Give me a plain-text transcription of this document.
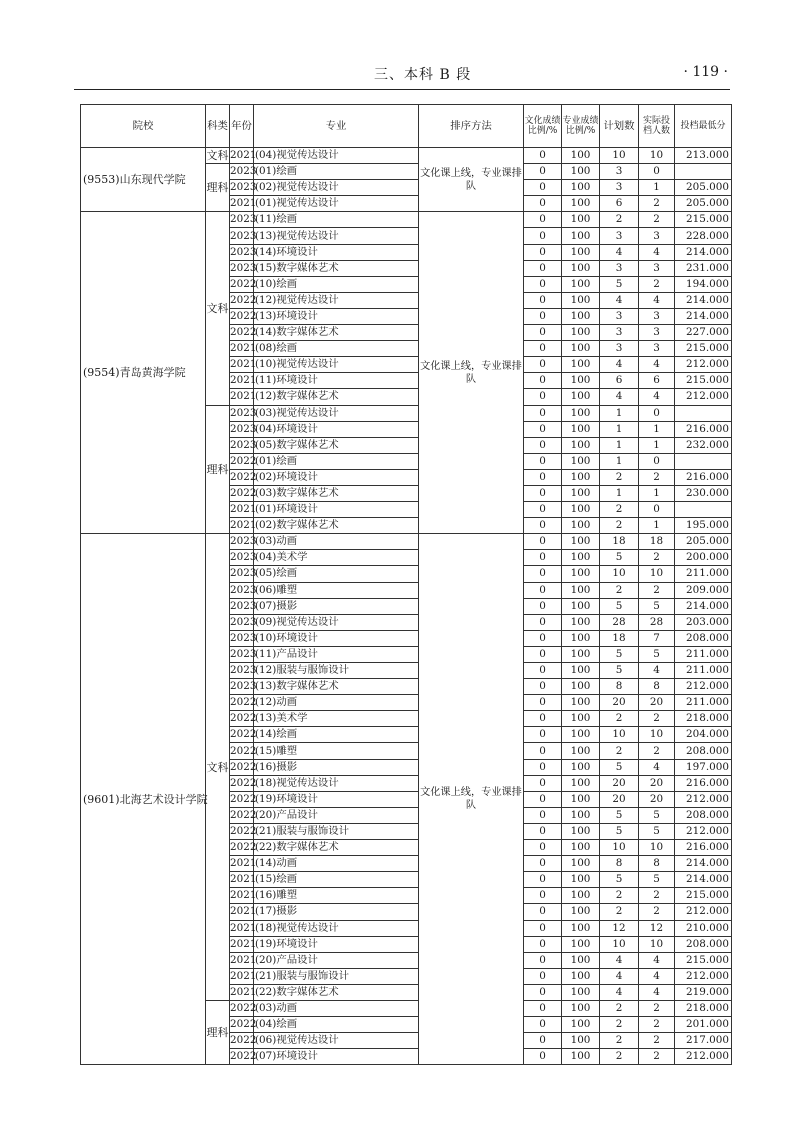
三、本科 B 段	· 119 ·
院校	科类	年份	专业	排序方法	文化成绩比例/%	专业成绩比例/%	计划数	实际投档人数	投档最低分
(9553)山东现代学院	文科	2021	(04)视觉传达设计	文化课上线，专业课排队	0	100	10	10	213.000
	理科	2023	(01)绘画		0	100	3	0	
		2023	(02)视觉传达设计		0	100	3	1	205.000
		2021	(01)视觉传达设计		0	100	6	2	205.000
(9554)青岛黄海学院	文科	2023	(11)绘画	文化课上线，专业课排队	0	100	2	2	215.000
		2023	(13)视觉传达设计		0	100	3	3	228.000
		2023	(14)环境设计		0	100	4	4	214.000
		2023	(15)数字媒体艺术		0	100	3	3	231.000
		2022	(10)绘画		0	100	5	2	194.000
		2022	(12)视觉传达设计		0	100	4	4	214.000
		2022	(13)环境设计		0	100	3	3	214.000
		2022	(14)数字媒体艺术		0	100	3	3	227.000
		2021	(08)绘画		0	100	3	3	215.000
		2021	(10)视觉传达设计		0	100	4	4	212.000
		2021	(11)环境设计		0	100	6	6	215.000
		2021	(12)数字媒体艺术		0	100	4	4	212.000
	理科	2023	(03)视觉传达设计		0	100	1	0	
		2023	(04)环境设计		0	100	1	1	216.000
		2023	(05)数字媒体艺术		0	100	1	1	232.000
		2022	(01)绘画		0	100	1	0	
		2022	(02)环境设计		0	100	2	2	216.000
		2022	(03)数字媒体艺术		0	100	1	1	230.000
		2021	(01)环境设计		0	100	2	0	
		2021	(02)数字媒体艺术		0	100	2	1	195.000
(9601)北海艺术设计学院	文科	2023	(03)动画	文化课上线，专业课排队	0	100	18	18	205.000
		2023	(04)美术学		0	100	5	2	200.000
		2023	(05)绘画		0	100	10	10	211.000
		2023	(06)雕塑		0	100	2	2	209.000
		2023	(07)摄影		0	100	5	5	214.000
		2023	(09)视觉传达设计		0	100	28	28	203.000
		2023	(10)环境设计		0	100	18	7	208.000
		2023	(11)产品设计		0	100	5	5	211.000
		2023	(12)服装与服饰设计		0	100	5	4	211.000
		2023	(13)数字媒体艺术		0	100	8	8	212.000
		2022	(12)动画		0	100	20	20	211.000
		2022	(13)美术学		0	100	2	2	218.000
		2022	(14)绘画		0	100	10	10	204.000
		2022	(15)雕塑		0	100	2	2	208.000
		2022	(16)摄影		0	100	5	4	197.000
		2022	(18)视觉传达设计		0	100	20	20	216.000
		2022	(19)环境设计		0	100	20	20	212.000
		2022	(20)产品设计		0	100	5	5	208.000
		2022	(21)服装与服饰设计		0	100	5	5	212.000
		2022	(22)数字媒体艺术		0	100	10	10	216.000
		2021	(14)动画		0	100	8	8	214.000
		2021	(15)绘画		0	100	5	5	214.000
		2021	(16)雕塑		0	100	2	2	215.000
		2021	(17)摄影		0	100	2	2	212.000
		2021	(18)视觉传达设计		0	100	12	12	210.000
		2021	(19)环境设计		0	100	10	10	208.000
		2021	(20)产品设计		0	100	4	4	215.000
		2021	(21)服装与服饰设计		0	100	4	4	212.000
		2021	(22)数字媒体艺术		0	100	4	4	219.000
	理科	2022	(03)动画		0	100	2	2	218.000
		2022	(04)绘画		0	100	2	2	201.000
		2022	(06)视觉传达设计		0	100	2	2	217.000
		2022	(07)环境设计		0	100	2	2	212.000
